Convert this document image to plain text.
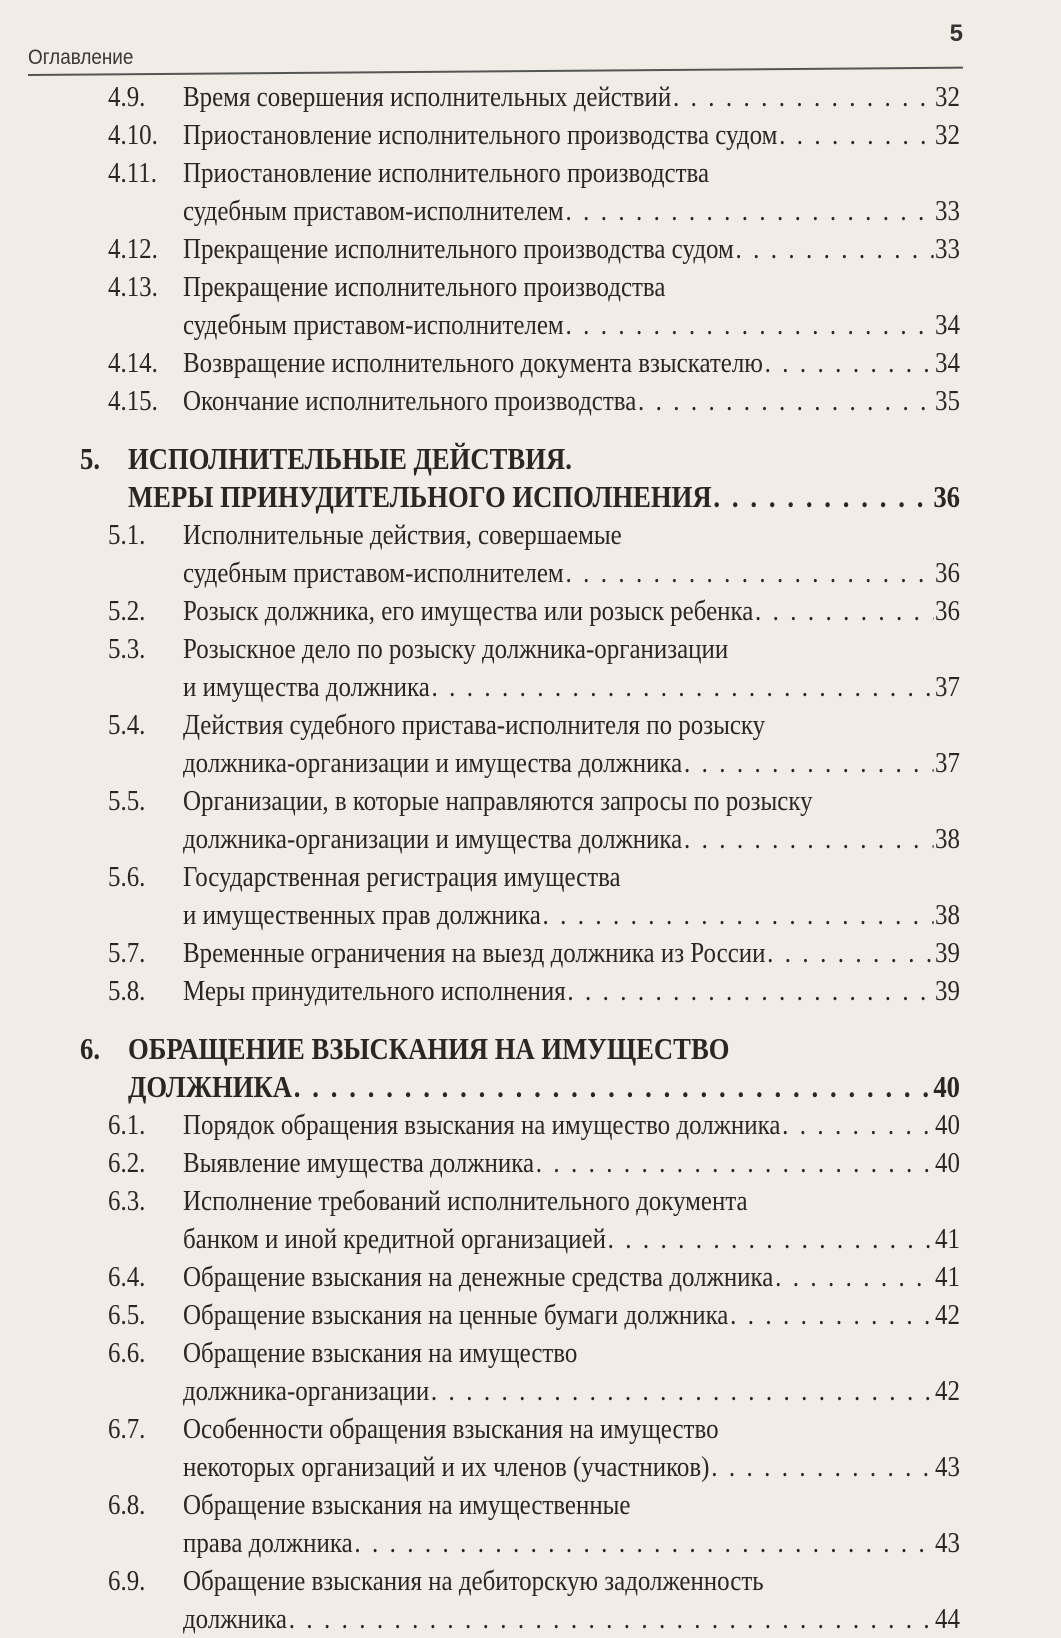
Оглавление
5
4.9. Время совершения исполнительных действий . . .	32
4.10. Приостановление исполнительного производства судом . . .	32
4.11. Приостановление исполнительного производства
судебным приставом-исполнителем . . .	33
4.12. Прекращение исполнительного производства судом . . .	33
4.13. Прекращение исполнительного производства
судебным приставом-исполнителем . . .	34
4.14. Возвращение исполнительного документа взыскателю . . .	34
4.15. Окончание исполнительного производства . . .	35
5. ИСПОЛНИТЕЛЬНЫЕ ДЕЙСТВИЯ.
МЕРЫ ПРИНУДИТЕЛЬНОГО ИСПОЛНЕНИЯ . . .	36
5.1. Исполнительные действия, совершаемые
судебным приставом-исполнителем . . .	36
5.2. Розыск должника, его имущества или розыск ребенка . . .	36
5.3. Розыскное дело по розыску должника-организации
и имущества должника . . .	37
5.4. Действия судебного пристава-исполнителя по розыску
должника-организации и имущества должника . . .	37
5.5. Организации, в которые направляются запросы по розыску
должника-организации и имущества должника . . .	38
5.6. Государственная регистрация имущества
и имущественных прав должника . . .	38
5.7. Временные ограничения на выезд должника из России . . .	39
5.8. Меры принудительного исполнения . . .	39
6. ОБРАЩЕНИЕ ВЗЫСКАНИЯ НА ИМУЩЕСТВО
ДОЛЖНИКА . . .	40
6.1. Порядок обращения взыскания на имущество должника . . .	40
6.2. Выявление имущества должника . . .	40
6.3. Исполнение требований исполнительного документа
банком и иной кредитной организацией . . .	41
6.4. Обращение взыскания на денежные средства должника . . .	41
6.5. Обращение взыскания на ценные бумаги должника . . .	42
6.6. Обращение взыскания на имущество
должника-организации . . .	42
6.7. Особенности обращения взыскания на имущество
некоторых организаций и их членов (участников) . . .	43
6.8. Обращение взыскания на имущественные
права должника . . .	43
6.9. Обращение взыскания на дебиторскую задолженность
должника . . .	44
